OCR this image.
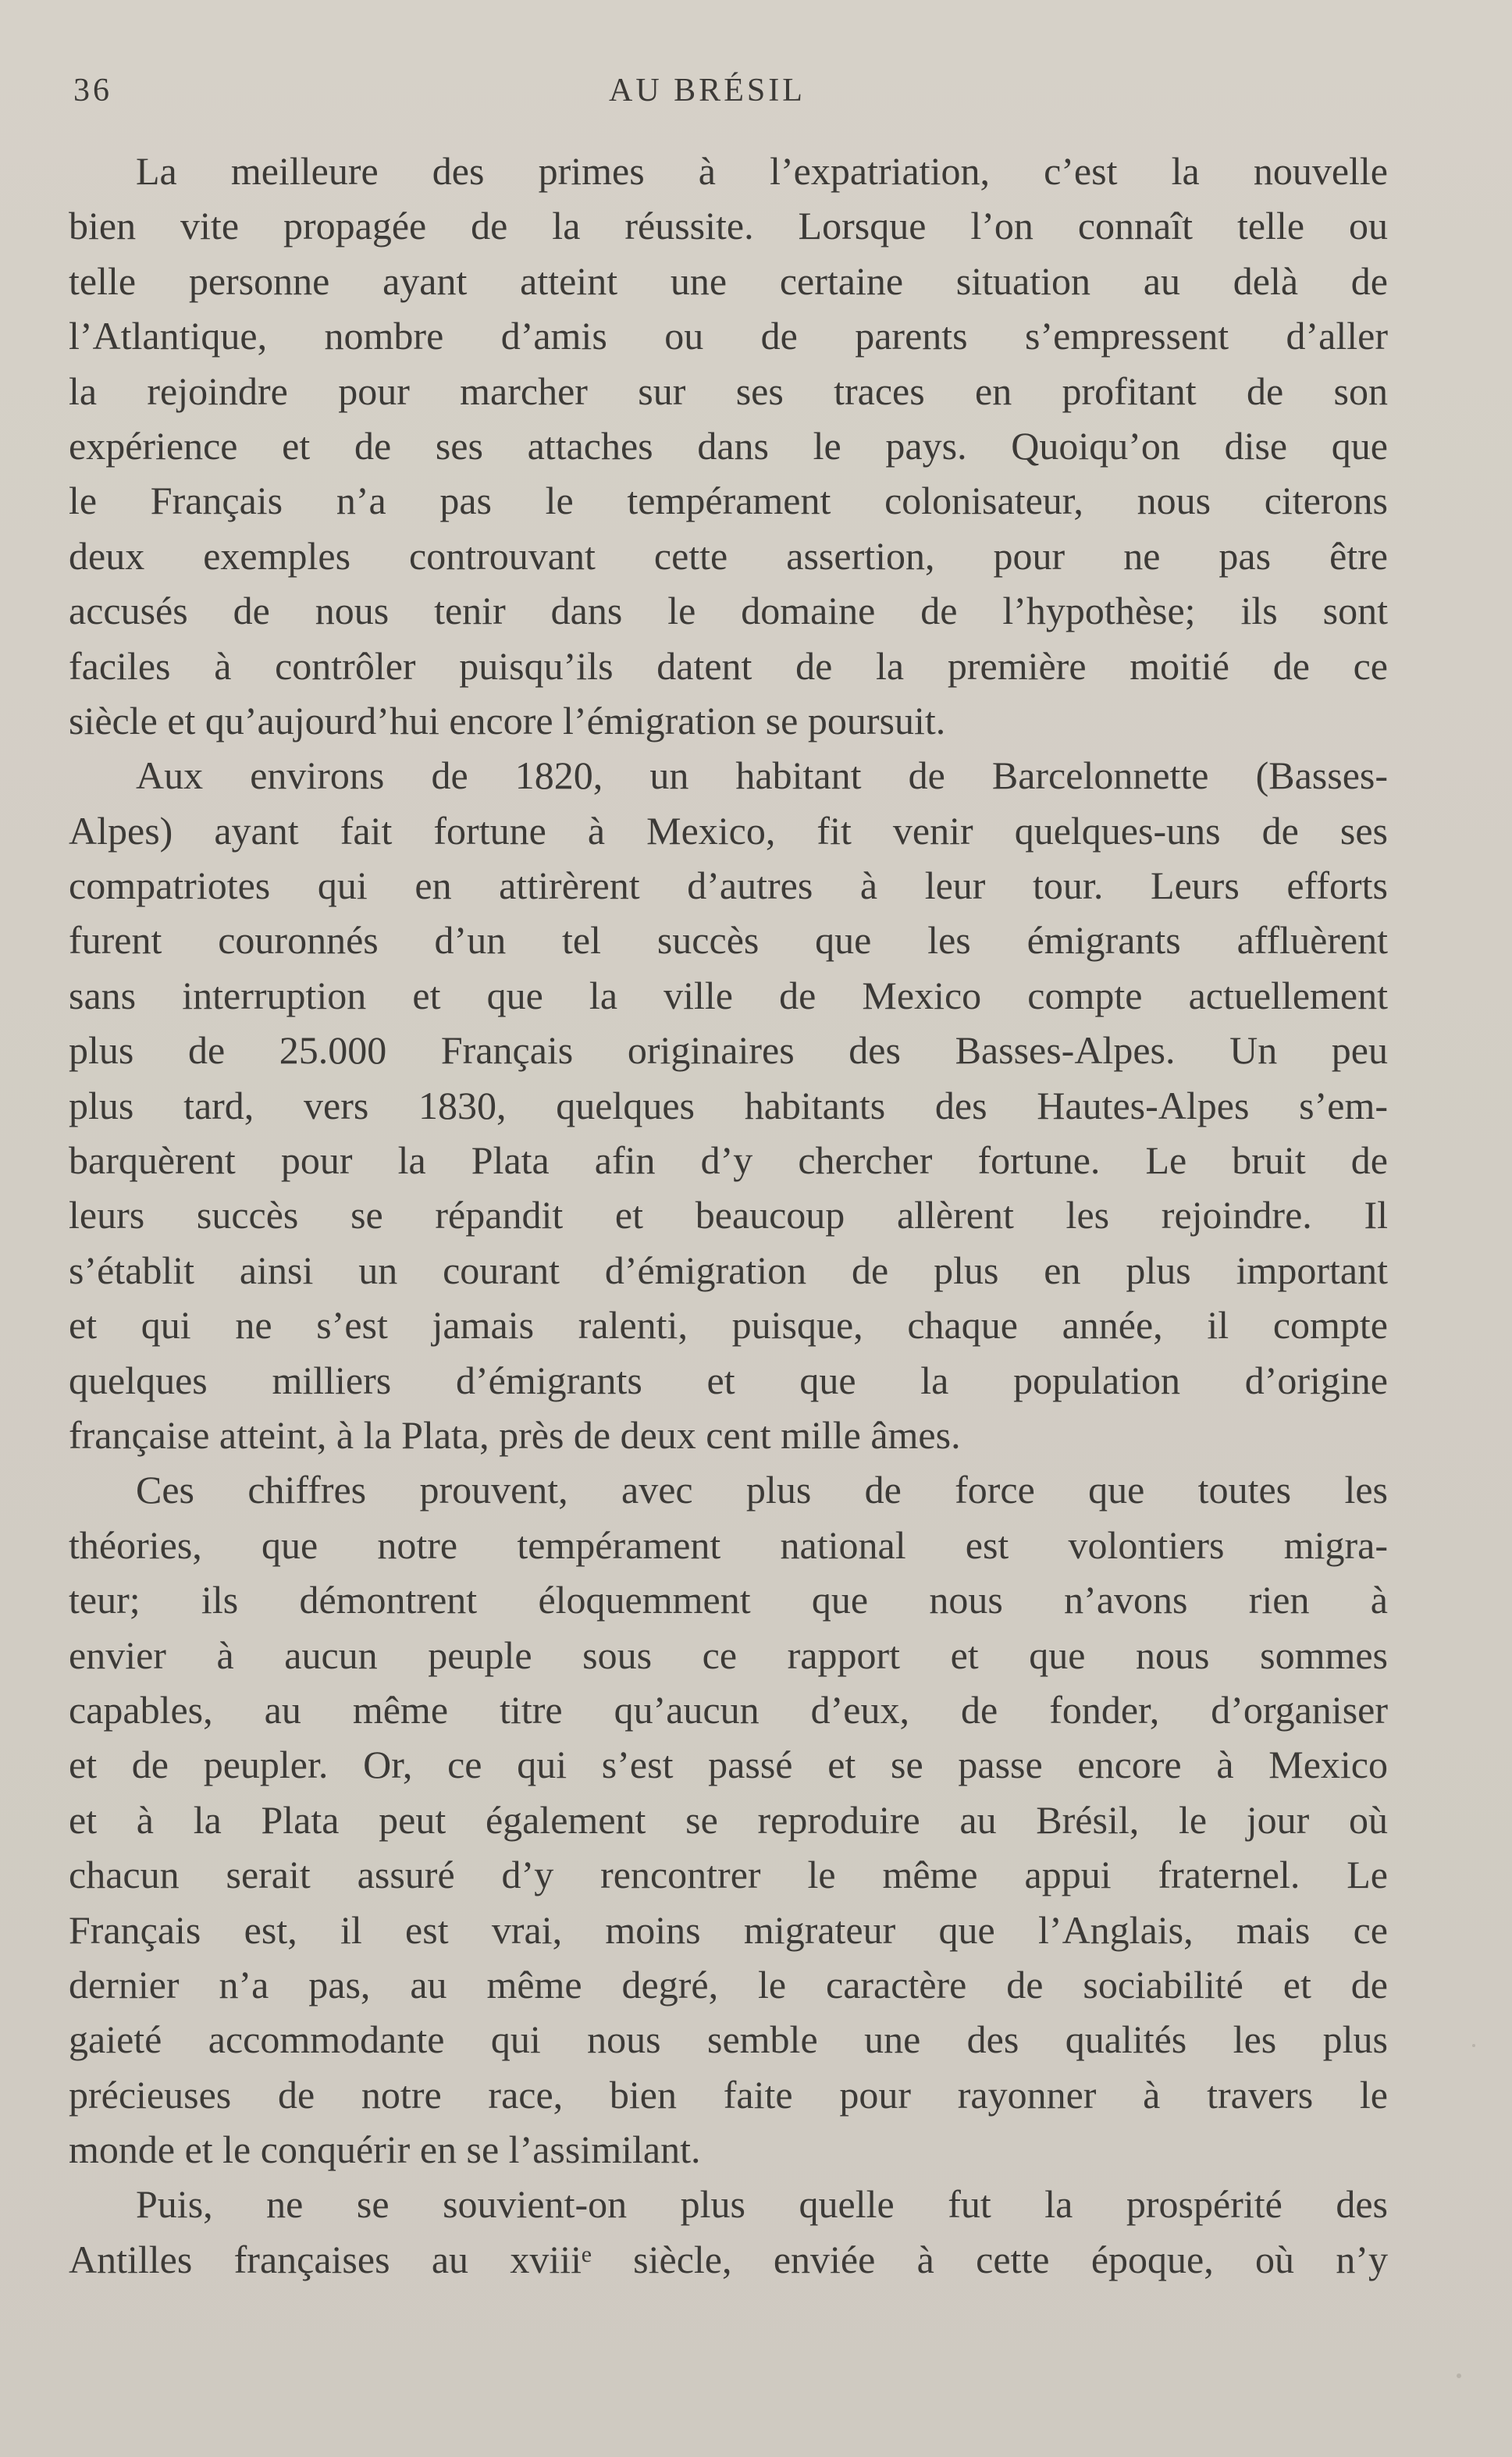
36	AU BRÉSIL
La meilleure des primes à l’expatriation, c’est la nouvelle
bien vite propagée de la réussite. Lorsque l’on connaît telle ou
telle personne ayant atteint une certaine situation au delà de
l’Atlantique, nombre d’amis ou de parents s’empressent d’aller
la rejoindre pour marcher sur ses traces en profitant de son
expérience et de ses attaches dans le pays. Quoiqu’on dise que
le Français n’a pas le tempérament colonisateur, nous citerons
deux exemples controuvant cette assertion, pour ne pas être
accusés de nous tenir dans le domaine de l’hypothèse; ils sont
faciles à contrôler puisqu’ils datent de la première moitié de ce
siècle et qu’aujourd’hui encore l’émigration se poursuit.
Aux environs de 1820, un habitant de Barcelonnette (Basses-
Alpes) ayant fait fortune à Mexico, fit venir quelques-uns de ses
compatriotes qui en attirèrent d’autres à leur tour. Leurs efforts
furent couronnés d’un tel succès que les émigrants affluèrent
sans interruption et que la ville de Mexico compte actuellement
plus de 25.000 Français originaires des Basses-Alpes. Un peu
plus tard, vers 1830, quelques habitants des Hautes-Alpes s’em-
barquèrent pour la Plata afin d’y chercher fortune. Le bruit de
leurs succès se répandit et beaucoup allèrent les rejoindre. Il
s’établit ainsi un courant d’émigration de plus en plus important
et qui ne s’est jamais ralenti, puisque, chaque année, il compte
quelques milliers d’émigrants et que la population d’origine
française atteint, à la Plata, près de deux cent mille âmes.
Ces chiffres prouvent, avec plus de force que toutes les
théories, que notre tempérament national est volontiers migra-
teur; ils démontrent éloquemment que nous n’avons rien à
envier à aucun peuple sous ce rapport et que nous sommes
capables, au même titre qu’aucun d’eux, de fonder, d’organiser
et de peupler. Or, ce qui s’est passé et se passe encore à Mexico
et à la Plata peut également se reproduire au Brésil, le jour où
chacun serait assuré d’y rencontrer le même appui fraternel. Le
Français est, il est vrai, moins migrateur que l’Anglais, mais ce
dernier n’a pas, au même degré, le caractère de sociabilité et de
gaieté accommodante qui nous semble une des qualités les plus
précieuses de notre race, bien faite pour rayonner à travers le
monde et le conquérir en se l’assimilant.
Puis, ne se souvient-on plus quelle fut la prospérité des
Antilles françaises au xviiiᵉ siècle, enviée à cette époque, où n’y
